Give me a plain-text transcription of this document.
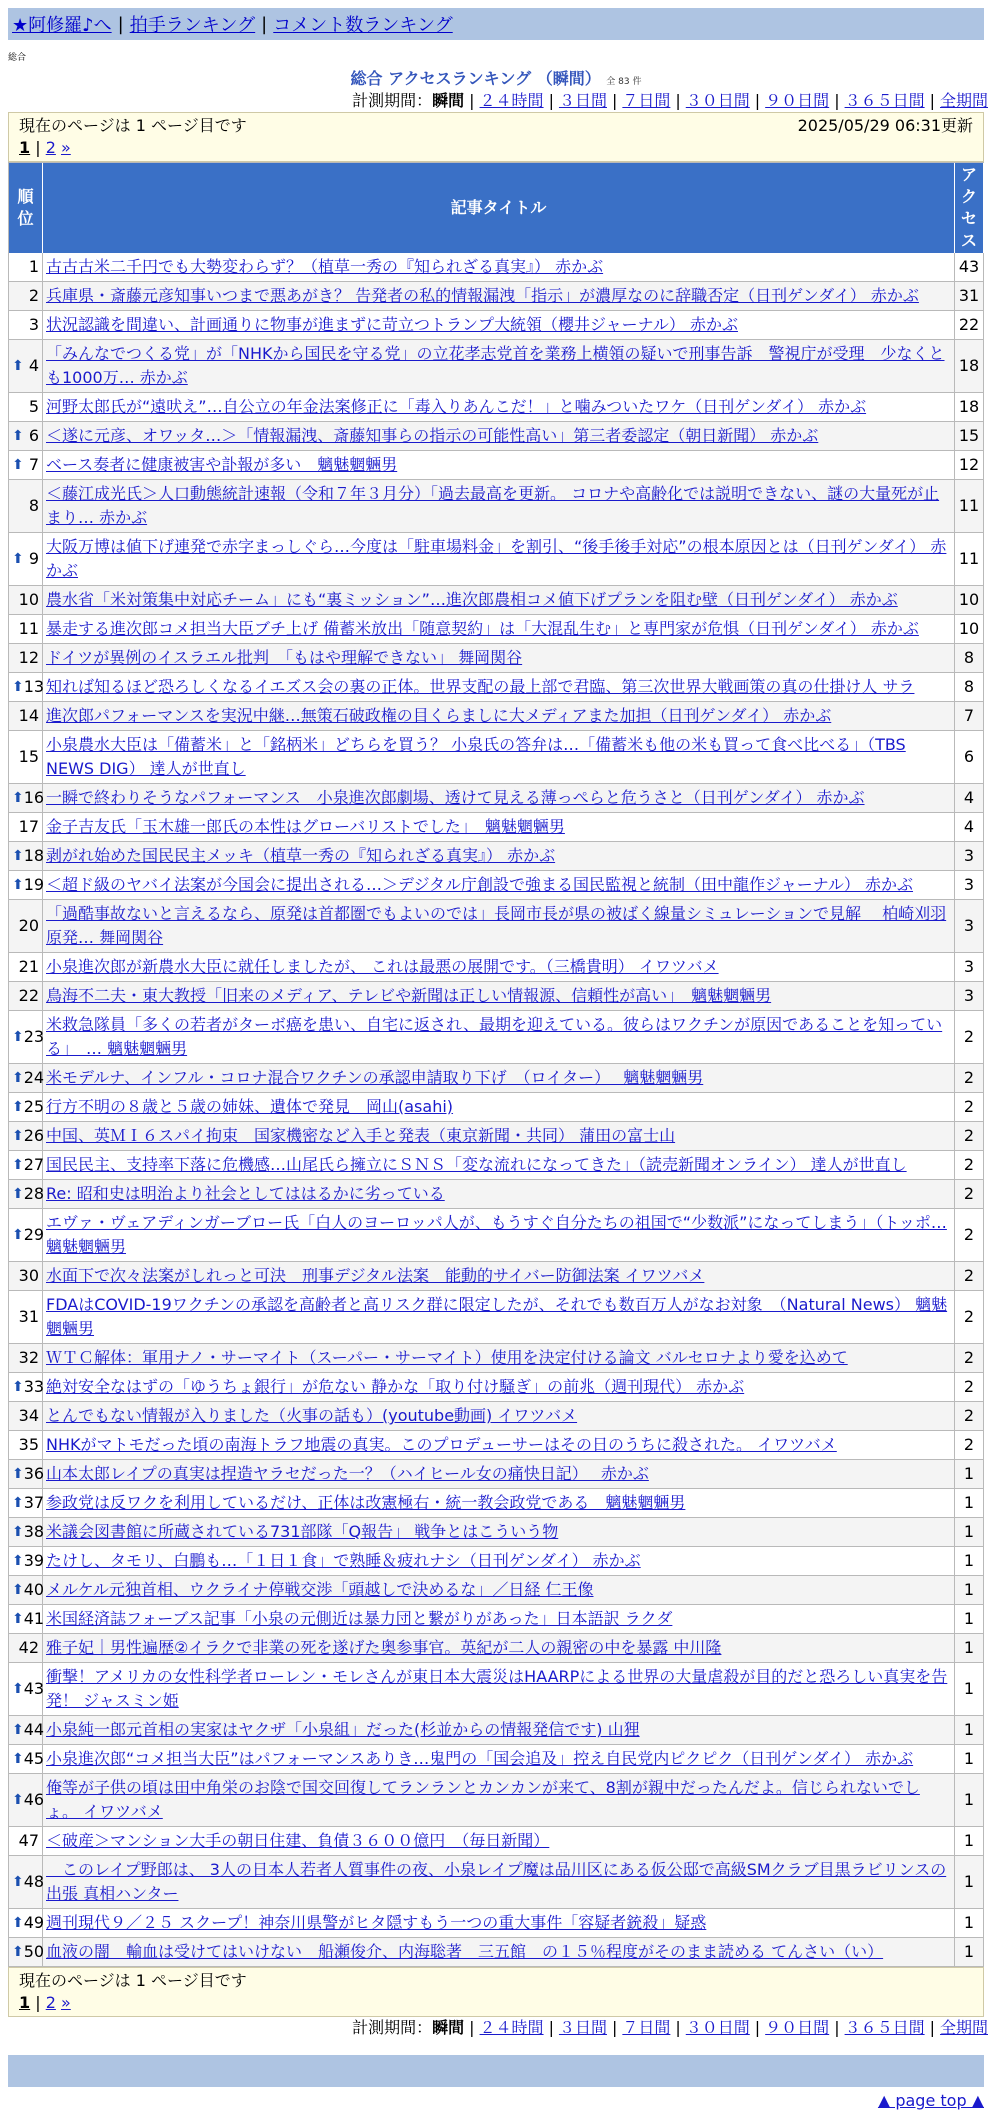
★阿修羅♪へ | 拍手ランキング | コメント数ランキング
総合
総合 アクセスランキング （瞬間） 全 83 件
計測期間：瞬間 | ２４時間 | ３日間 | ７日間 | ３０日間 | ９０日間 | ３６５日間 | 全期間
現在のページは 1 ページ目です	2025/05/29 06:31更新
1 | 2 »
順位	記事タイトル	アクセス
1	古古古米二千円でも大勢変わらず？（植草一秀の『知られざる真実』） 赤かぶ	43
2	兵庫県・斎藤元彦知事いつまで悪あがき？ 告発者の私的情報漏洩「指示」が濃厚なのに辞職否定（日刊ゲンダイ） 赤かぶ	31
3	状況認識を間違い、計画通りに物事が進まずに苛立つトランプ大統領（櫻井ジャーナル） 赤かぶ	22

⬆ 4	「みんなでつくる党」が「NHKから国民を守る党」の立花孝志党首を業務上横領の疑いで刑事告訴　警視庁が受理　少なくとも1000万… 赤かぶ	18
5	河野太郎氏が“遠吠え”…自公立の年金法案修正に「毒入りあんこだ！」と噛みついたワケ（日刊ゲンダイ） 赤かぶ	18

⬆ 6	＜遂に元彦、オワッタ…＞「情報漏洩、斎藤知事らの指示の可能性高い」第三者委認定（朝日新聞） 赤かぶ	15

⬆ 7	ベース奏者に健康被害や訃報が多い　魑魅魍魎男	12
8	＜藤江成光氏＞人口動態統計速報（令和７年３月分）「過去最高を更新。 コロナや高齢化では説明できない、謎の大量死が止まり… 赤かぶ	11

⬆ 9	大阪万博は値下げ連発で赤字まっしぐら…今度は「駐車場料金」を割引、“後手後手対応”の根本原因とは（日刊ゲンダイ） 赤かぶ	11
10	農水省「米対策集中対応チーム」にも“裏ミッション”…進次郎農相コメ値下げプランを阻む壁（日刊ゲンダイ） 赤かぶ	10
11	暴走する進次郎コメ担当大臣ブチ上げ 備蓄米放出「随意契約」は「大混乱生む」と専門家が危惧（日刊ゲンダイ） 赤かぶ	10
12	ドイツが異例のイスラエル批判　「もはや理解できない」 舞岡関谷	8

⬆ 13	知れば知るほど恐ろしくなるイエズス会の裏の正体。世界支配の最上部で君臨、第三次世界大戦画策の真の仕掛け人 サラ	8
14	進次郎パフォーマンスを実況中継…無策石破政権の目くらましに大メディアまた加担（日刊ゲンダイ） 赤かぶ	7
15	小泉農水大臣は「備蓄米」と「銘柄米」どちらを買う？ 小泉氏の答弁は…「備蓄米も他の米も買って食べ比べる」（TBS NEWS DIG） 達人が世直し	6

⬆ 16	一瞬で終わりそうなパフォーマンス　小泉進次郎劇場、透けて見える薄っぺらと危うさと（日刊ゲンダイ） 赤かぶ	4
17	金子吉友氏「玉木雄一郎氏の本性はグローバリストでした」　魑魅魍魎男	4

⬆ 18	剥がれ始めた国民民主メッキ（植草一秀の『知られざる真実』） 赤かぶ	3

⬆ 19	＜超ド級のヤバイ法案が今国会に提出される…＞デジタル庁創設で強まる国民監視と統制（田中龍作ジャーナル） 赤かぶ	3
20	「過酷事故ないと言えるなら、原発は首都圏でもよいのでは」長岡市長が県の被ばく線量シミュレーションで見解　 柏崎刈羽原発… 舞岡関谷	3
21	小泉進次郎が新農水大臣に就任しましたが、 これは最悪の展開です。（三橋貴明） イワツバメ	3
22	鳥海不二夫・東大教授「旧来のメディア、テレビや新聞は正しい情報源、信頼性が高い」　魑魅魍魎男	3

⬆ 23	米救急隊員「多くの若者がターボ癌を患い、自宅に返され、最期を迎えている。彼らはワクチンが原因であることを知っている」　… 魑魅魍魎男	2

⬆ 24	米モデルナ、インフル・コロナ混合ワクチンの承認申請取り下げ　（ロイター）　 魑魅魍魎男	2

⬆ 25	行方不明の８歳と５歳の姉妹、遺体で発見　岡山(asahi)	2

⬆ 26	中国、英ＭＩ６スパイ拘束　国家機密など入手と発表（東京新聞・共同） 蒲田の富士山	2

⬆ 27	国民民主、支持率下落に危機感…山尾氏ら擁立にＳＮＳ「変な流れになってきた」（読売新聞オンライン） 達人が世直し	2

⬆ 28	Re: 昭和史は明治より社会としてははるかに劣っている	2

⬆ 29	エヴァ・ヴェアディンガーブロー氏「白人のヨーロッパ人が、もうすぐ自分たちの祖国で“少数派”になってしまう」（トッポ… 魑魅魍魎男	2
30	水面下で次々法案がしれっと可決　刑事デジタル法案　能動的サイバー防御法案 イワツバメ	2
31	FDAはCOVID-19ワクチンの承認を高齢者と高リスク群に限定したが、それでも数百万人がなお対象　（Natural News） 魑魅魍魎男	2
32	ＷＴＣ解体：軍用ナノ・サーマイト（スーパー・サーマイト）使用を決定付ける論文 バルセロナより愛を込めて	2

⬆ 33	絶対安全なはずの「ゆうちょ銀行」が危ない 静かな「取り付け騒ぎ」の前兆（週刊現代） 赤かぶ	2
34	とんでもない情報が入りました（火事の話も）(youtube動画) イワツバメ	2
35	NHKがマトモだった頃の南海トラフ地震の真実。このプロデューサーはその日のうちに殺された。 イワツバメ	2

⬆ 36	山本太郎レイプの真実は捏造ヤラセだった一？（ハイヒール女の痛快日記）　 赤かぶ	1

⬆ 37	参政党は反ワクを利用しているだけ、正体は改憲極右・統一教会政党である　魑魅魍魎男	1

⬆ 38	米議会図書館に所蔵されている731部隊「Q報告」 戦争とはこういう物	1

⬆ 39	たけし、タモリ、白鵬も…「１日１食」で熟睡＆疲れナシ（日刊ゲンダイ） 赤かぶ	1

⬆ 40	メルケル元独首相、ウクライナ停戦交渉「頭越しで決めるな」／日経 仁王像	1

⬆ 41	米国経済誌フォーブス記事「小泉の元側近は暴力団と繋がりがあった」日本語訳 ラクダ	1
42	雅子妃｜男性遍歴②イラクで非業の死を遂げた奥参事官。英紀が二人の親密の中を暴露 中川隆	1

⬆ 43	衝撃！アメリカの女性科学者ローレン・モレさんが東日本大震災はHAARPによる世界の大量虐殺が目的だと恐ろしい真実を告発！ ジャスミン姫	1

⬆ 44	小泉純一郎元首相の実家はヤクザ「小泉組」だった(杉並からの情報発信です) 山狸	1

⬆ 45	小泉進次郎“コメ担当大臣”はパフォーマンスありき…鬼門の「国会追及」控え自民党内ピクピク（日刊ゲンダイ） 赤かぶ	1

⬆ 46	俺等が子供の頃は田中角栄のお陰で国交回復してランランとカンカンが来て、8割が親中だったんだよ。信じられないでしょ。 イワツバメ	1
47	＜破産＞マンション大手の朝日住建、負債３６００億円　（毎日新聞）	1

⬆ 48	　このレイプ野郎は、 3人の日本人若者人質事件の夜、小泉レイプ魔は品川区にある仮公邸で高級SMクラブ目黒ラビリンスの出張 真相ハンター	1

⬆ 49	週刊現代９／２５ スクープ！神奈川県警がヒタ隠すもう一つの重大事件「容疑者銃殺」疑惑	1

⬆ 50	血液の闇　輸血は受けてはいけない　船瀬俊介、内海聡著　三五館　の１５％程度がそのまま読める てんさい（い）	1
現在のページは 1 ページ目です
1 | 2 »
計測期間：瞬間 | ２４時間 | ３日間 | ７日間 | ３０日間 | ９０日間 | ３６５日間 | 全期間
▲ page top ▲
